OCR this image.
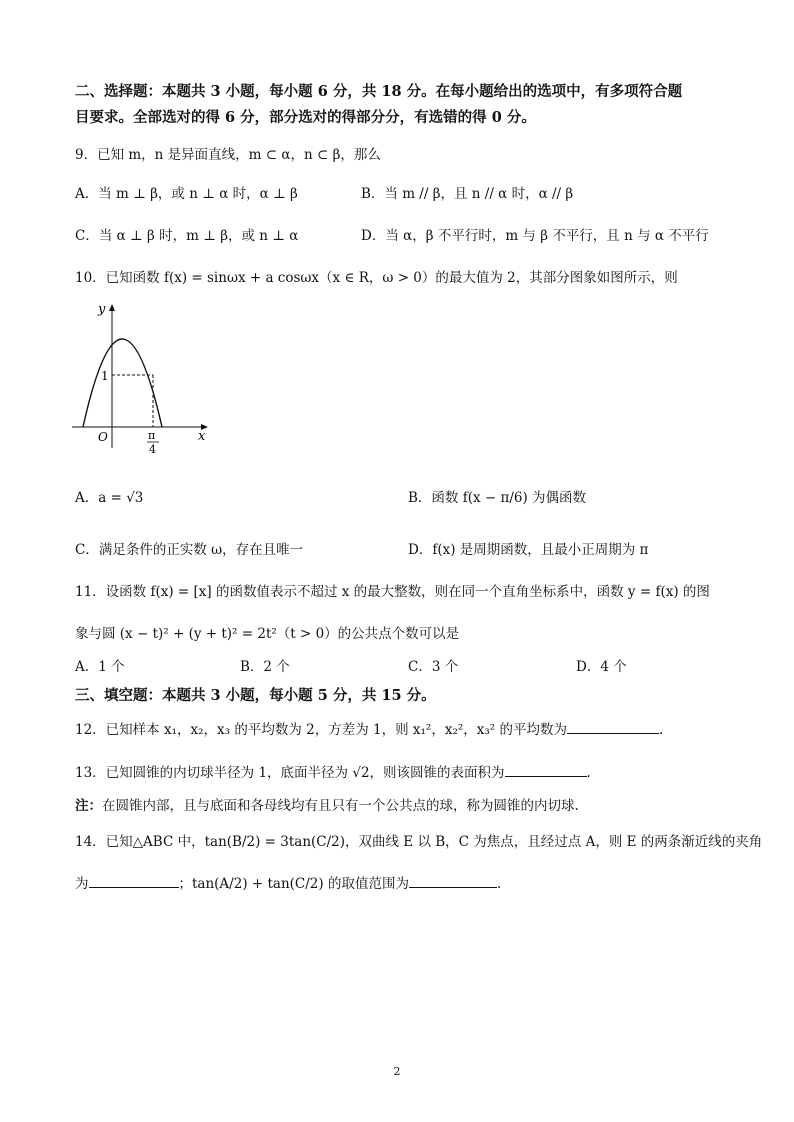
二、选择题：本题共 3 小题，每小题 6 分，共 18 分。在每小题给出的选项中，有多项符合题
目要求。全部选对的得 6 分，部分选对的得部分分，有选错的得 0 分。
9．已知 m，n 是异面直线，m ⊂ α，n ⊂ β，那么
A．当 m ⊥ β，或 n ⊥ α 时，α ⊥ β	B．当 m // β，且 n // α 时，α // β
C．当 α ⊥ β 时，m ⊥ β，或 n ⊥ α	D．当 α，β 不平行时，m 与 β 不平行，且 n 与 α 不平行
10．已知函数 f(x) = sinωx + a cosωx（x ∈ R，ω > 0）的最大值为 2，其部分图象如图所示，则
y
x
O
1
π
4
A．a = √3	B．函数 f(x − π/6) 为偶函数
C．满足条件的正实数 ω，存在且唯一	D．f(x) 是周期函数，且最小正周期为 π
11．设函数 f(x) = [x] 的函数值表示不超过 x 的最大整数，则在同一个直角坐标系中，函数 y = f(x) 的图
象与圆 (x − t)² + (y + t)² = 2t²（t > 0）的公共点个数可以是
A．1 个	B．2 个	C．3 个	D．4 个
三、填空题：本题共 3 小题，每小题 5 分，共 15 分。
12．已知样本 x₁，x₂，x₃ 的平均数为 2，方差为 1，则 x₁²，x₂²，x₃² 的平均数为	.
13．已知圆锥的内切球半径为 1，底面半径为 √2，则该圆锥的表面积为	.
注：在圆锥内部，且与底面和各母线均有且只有一个公共点的球，称为圆锥的内切球.
14．已知△ABC 中，tan(B/2) = 3tan(C/2)，双曲线 E 以 B，C 为焦点，且经过点 A，则 E 的两条渐近线的夹角
为	；tan(A/2) + tan(C/2) 的取值范围为	.
2
